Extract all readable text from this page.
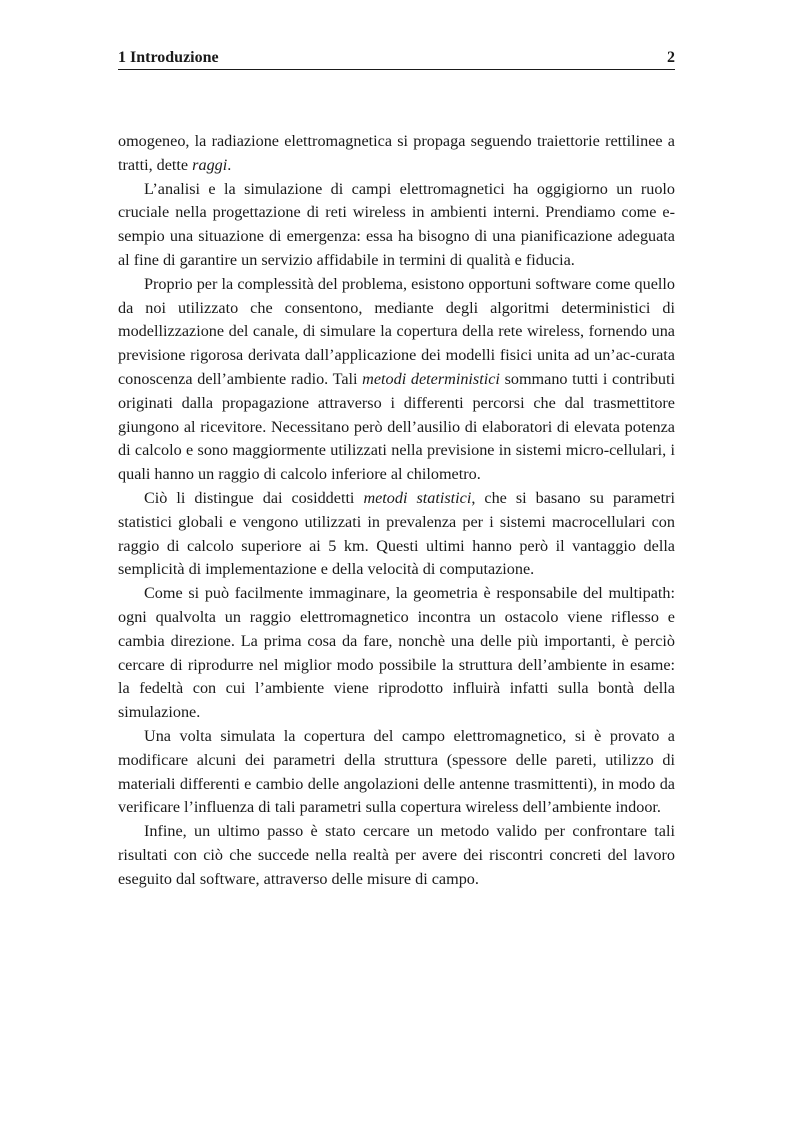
1 Introduzione	2

omogeneo, la radiazione elettromagnetica si propaga seguendo traiettorie rettilinee a tratti, dette raggi.

L’analisi e la simulazione di campi elettromagnetici ha oggigiorno un ruolo cruciale nella progettazione di reti wireless in ambienti interni. Prendiamo come e-sempio una situazione di emergenza: essa ha bisogno di una pianificazione adeguata al fine di garantire un servizio affidabile in termini di qualità e fiducia.

Proprio per la complessità del problema, esistono opportuni software come quello da noi utilizzato che consentono, mediante degli algoritmi deterministici di modellizzazione del canale, di simulare la copertura della rete wireless, fornendo una previsione rigorosa derivata dall’applicazione dei modelli fisici unita ad un’ac-curata conoscenza dell’ambiente radio. Tali metodi deterministici sommano tutti i contributi originati dalla propagazione attraverso i differenti percorsi che dal trasmettitore giungono al ricevitore. Necessitano però dell’ausilio di elaboratori di elevata potenza di calcolo e sono maggiormente utilizzati nella previsione in sistemi micro-cellulari, i quali hanno un raggio di calcolo inferiore al chilometro.

Ciò li distingue dai cosiddetti metodi statistici, che si basano su parametri statistici globali e vengono utilizzati in prevalenza per i sistemi macrocellulari con raggio di calcolo superiore ai 5 km. Questi ultimi hanno però il vantaggio della semplicità di implementazione e della velocità di computazione.

Come si può facilmente immaginare, la geometria è responsabile del multipath: ogni qualvolta un raggio elettromagnetico incontra un ostacolo viene riflesso e cambia direzione. La prima cosa da fare, nonchè una delle più importanti, è perciò cercare di riprodurre nel miglior modo possibile la struttura dell’ambiente in esame: la fedeltà con cui l’ambiente viene riprodotto influirà infatti sulla bontà della simulazione.

Una volta simulata la copertura del campo elettromagnetico, si è provato a modificare alcuni dei parametri della struttura (spessore delle pareti, utilizzo di materiali differenti e cambio delle angolazioni delle antenne trasmittenti), in modo da verificare l’influenza di tali parametri sulla copertura wireless dell’ambiente indoor.

Infine, un ultimo passo è stato cercare un metodo valido per confrontare tali risultati con ciò che succede nella realtà per avere dei riscontri concreti del lavoro eseguito dal software, attraverso delle misure di campo.
